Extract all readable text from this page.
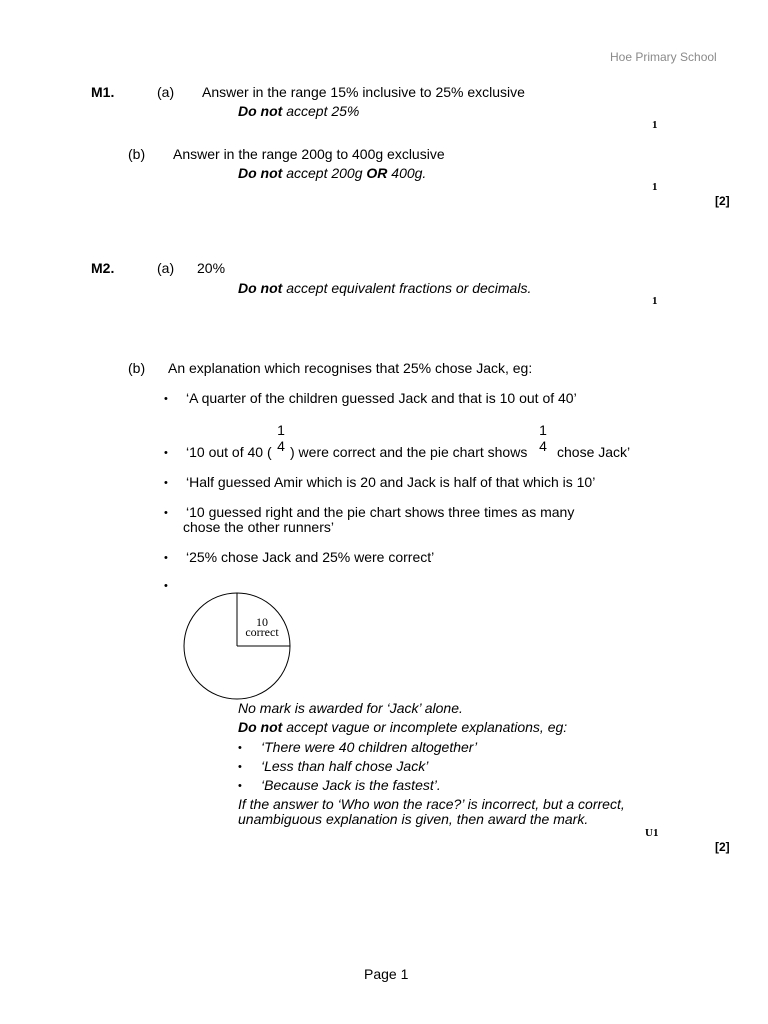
Hoe Primary School
M1.	(a) Answer in the range 15% inclusive to 25% exclusive
Do not accept 25%
1
(b) Answer in the range 200g to 400g exclusive
Do not accept 200g OR 400g.
1
[2]
M2.	(a) 20%
Do not accept equivalent fractions or decimals.
1
(b) An explanation which recognises that 25% chose Jack, eg:
• ‘A quarter of the children guessed Jack and that is 10 out of 40’
• ‘10 out of 40 (
1
4 ) were correct and the pie chart shows
1
4 chose Jack’
• ‘Half guessed Amir which is 20 and Jack is half of that which is 10’
• ‘10 guessed right and the pie chart shows three times as many
chose the other runners’
• ‘25% chose Jack and 25% were correct’
•
10
correct
No mark is awarded for ‘Jack’ alone.
Do not accept vague or incomplete explanations, eg:
• ‘There were 40 children altogether’
• ‘Less than half chose Jack’
• ‘Because Jack is the fastest’.
If the answer to ‘Who won the race?’ is incorrect, but a correct,
unambiguous explanation is given, then award the mark.
U1
[2]
Page 1
